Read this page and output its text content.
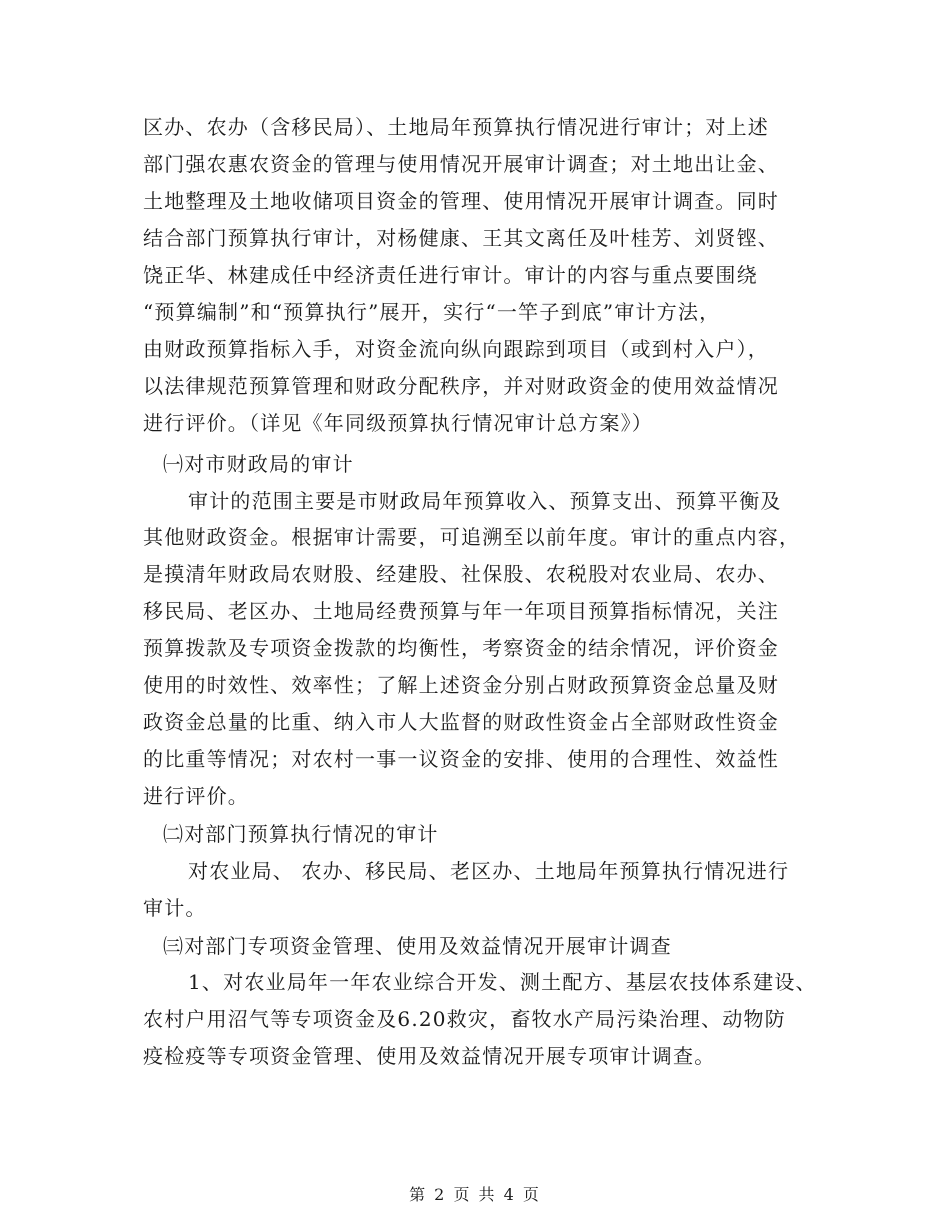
区办、农办（含移民局）、土地局年预算执行情况进行审计；对上述
部门强农惠农资金的管理与使用情况开展审计调查；对土地出让金、
土地整理及土地收储项目资金的管理、使用情况开展审计调查。同时
结合部门预算执行审计，对杨健康、王其文离任及叶桂芳、刘贤铿、
饶正华、林建成任中经济责任进行审计。审计的内容与重点要围绕
“预算编制”和“预算执行”展开，实行“一竿子到底”审计方法，
由财政预算指标入手，对资金流向纵向跟踪到项目（或到村入户），
以法律规范预算管理和财政分配秩序，并对财政资金的使用效益情况
进行评价。（详见《年同级预算执行情况审计总方案》）
㈠对市财政局的审计
审计的范围主要是市财政局年预算收入、预算支出、预算平衡及
其他财政资金。根据审计需要，可追溯至以前年度。审计的重点内容，
是摸清年财政局农财股、经建股、社保股、农税股对农业局、农办、
移民局、老区办、土地局经费预算与年一年项目预算指标情况，关注
预算拨款及专项资金拨款的均衡性，考察资金的结余情况，评价资金
使用的时效性、效率性；了解上述资金分别占财政预算资金总量及财
政资金总量的比重、纳入市人大监督的财政性资金占全部财政性资金
的比重等情况；对农村一事一议资金的安排、使用的合理性、效益性
进行评价。
㈡对部门预算执行情况的审计
对农业局、 农办、移民局、老区办、土地局年预算执行情况进行
审计。
㈢对部门专项资金管理、使用及效益情况开展审计调查
1、对农业局年一年农业综合开发、测土配方、基层农技体系建设、
农村户用沼气等专项资金及6.20救灾，畜牧水产局污染治理、动物防
疫检疫等专项资金管理、使用及效益情况开展专项审计调查。
第 2 页 共 4 页
